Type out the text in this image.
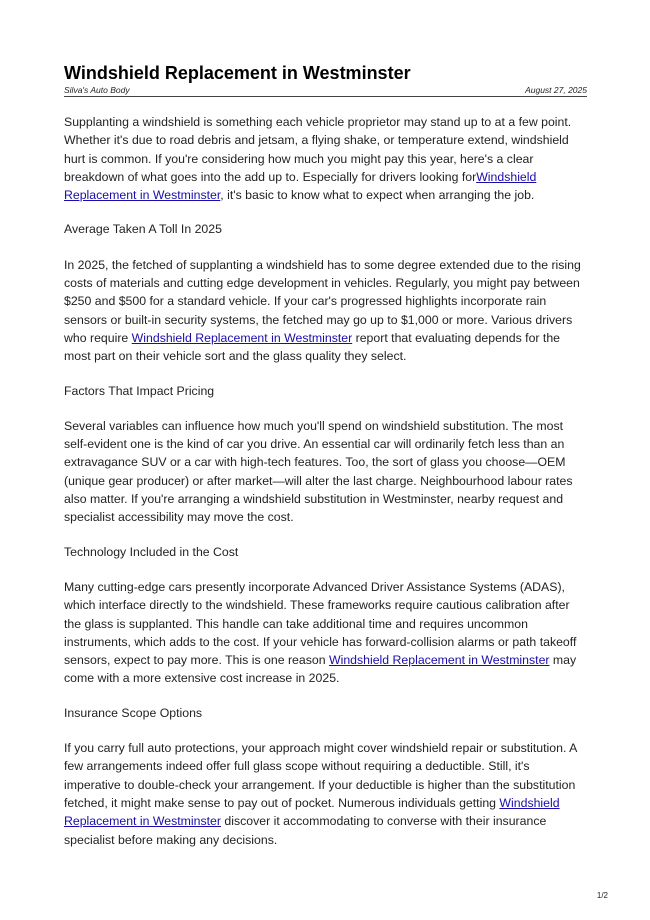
Windshield Replacement in Westminster
Silva's Auto Body	August 27, 2025

Supplanting a windshield is something each vehicle proprietor may stand up to at a few point. Whether it's due to road debris and jetsam, a flying shake, or temperature extend, windshield hurt is common. If you're considering how much you might pay this year, here's a clear breakdown of what goes into the add up to. Especially for drivers looking forWindshield Replacement in Westminster, it's basic to know what to expect when arranging the job.

Average Taken A Toll In 2025

In 2025, the fetched of supplanting a windshield has to some degree extended due to the rising costs of materials and cutting edge development in vehicles. Regularly, you might pay between $250 and $500 for a standard vehicle. If your car's progressed highlights incorporate rain sensors or built-in security systems, the fetched may go up to $1,000 or more. Various drivers who require Windshield Replacement in Westminster report that evaluating depends for the most part on their vehicle sort and the glass quality they select.

Factors That Impact Pricing

Several variables can influence how much you'll spend on windshield substitution. The most self-evident one is the kind of car you drive. An essential car will ordinarily fetch less than an extravagance SUV or a car with high-tech features. Too, the sort of glass you choose—OEM (unique gear producer) or after market—will alter the last charge. Neighbourhood labour rates also matter. If you're arranging a windshield substitution in Westminster, nearby request and specialist accessibility may move the cost.

Technology Included in the Cost

Many cutting-edge cars presently incorporate Advanced Driver Assistance Systems (ADAS), which interface directly to the windshield. These frameworks require cautious calibration after the glass is supplanted. This handle can take additional time and requires uncommon instruments, which adds to the cost. If your vehicle has forward-collision alarms or path takeoff sensors, expect to pay more. This is one reason Windshield Replacement in Westminster may come with a more extensive cost increase in 2025.

Insurance Scope Options

If you carry full auto protections, your approach might cover windshield repair or substitution. A few arrangements indeed offer full glass scope without requiring a deductible. Still, it's imperative to double-check your arrangement. If your deductible is higher than the substitution fetched, it might make sense to pay out of pocket. Numerous individuals getting Windshield Replacement in Westminster discover it accommodating to converse with their insurance specialist before making any decisions.

1/2
